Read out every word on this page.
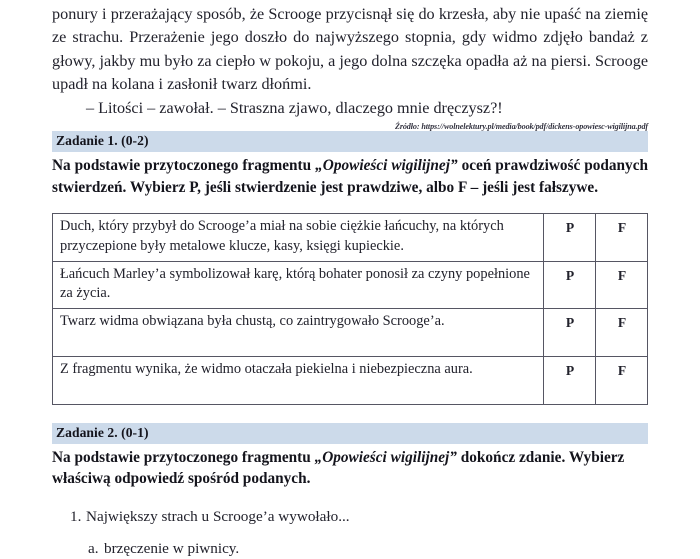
ponury i przerażający sposób, że Scrooge przycisnął się do krzesła, aby nie upaść na ziemię ze strachu. Przerażenie jego doszło do najwyższego stopnia, gdy widmo zdjęło bandaż z głowy, jakby mu było za ciepło w pokoju, a jego dolna szczęka opadła aż na piersi. Scrooge upadł na kolana i zasłonił twarz dłońmi.

– Litości – zawołał. – Straszna zjawo, dlaczego mnie dręczysz?!

Źródło: https://wolnelektury.pl/media/book/pdf/dickens-opowiesc-wigilijna.pdf
Zadanie 1. (0-2)

Na podstawie przytoczonego fragmentu „Opowieści wigilijnej” oceń prawdziwość podanych stwierdzeń. Wybierz P, jeśli stwierdzenie jest prawdziwe, albo F – jeśli jest fałszywe.

Duch, który przybył do Scrooge’a miał na sobie ciężkie łańcuchy, na których przyczepione były metalowe klucze, kasy, księgi kupieckie.	P	F
Łańcuch Marley’a symbolizował karę, którą bohater ponosił za czyny popełnione za życia.	P	F
Twarz widma obwiązana była chustą, co zaintrygowało Scrooge’a.	P	F
Z fragmentu wynika, że widmo otaczała piekielna i niebezpieczna aura.	P	F
Zadanie 2. (0-1)

Na podstawie przytoczonego fragmentu „Opowieści wigilijnej” dokończ zdanie. Wybierz właściwą odpowiedź spośród podanych.

1. Największy strach u Scrooge’a wywołało...
a. brzęczenie w piwnicy.
